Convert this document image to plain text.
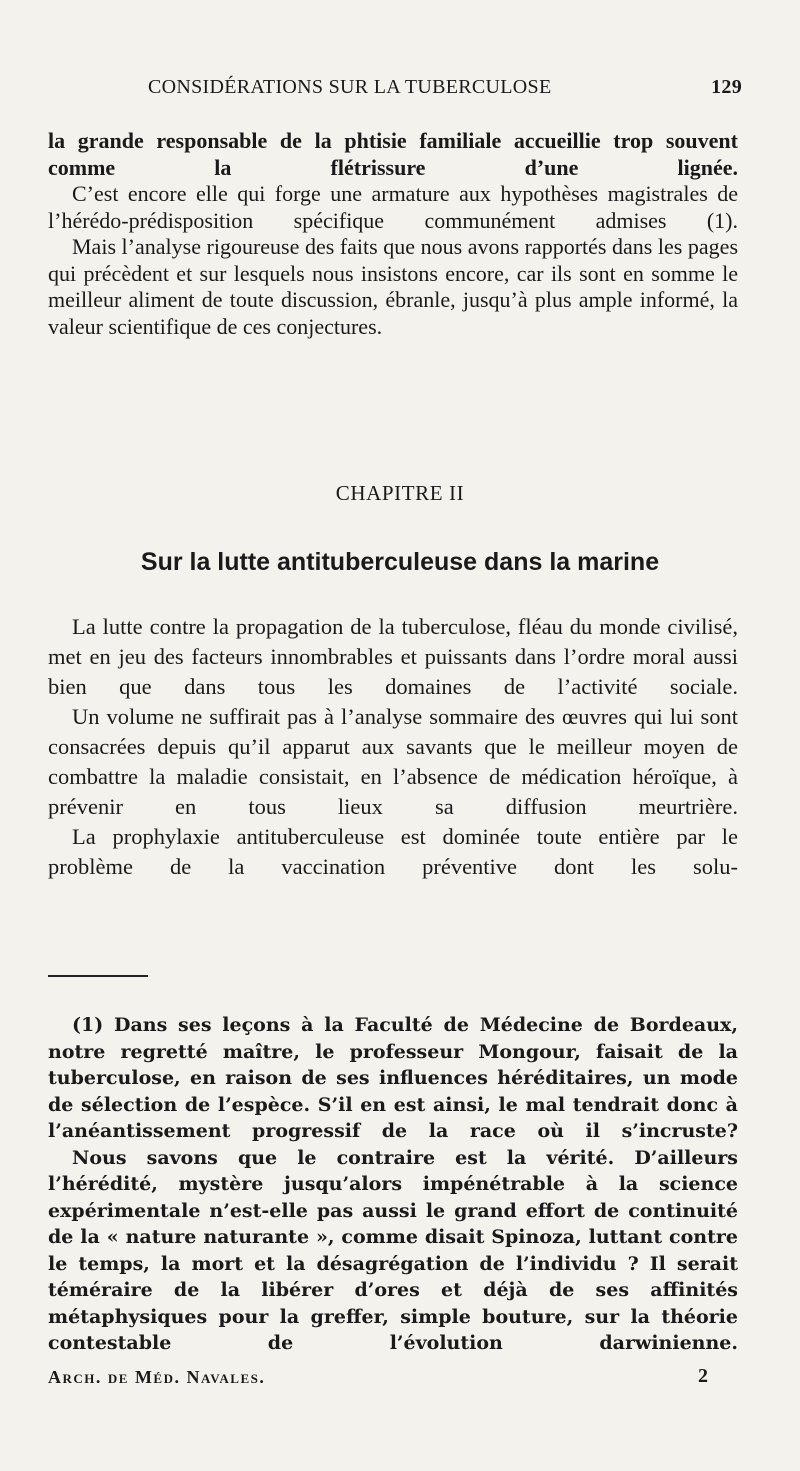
CONSIDÉRATIONS SUR LA TUBERCULOSE	129

la grande responsable de la phtisie familiale accueillie trop souvent comme la flétrissure d’une lignée.

C’est encore elle qui forge une armature aux hypothèses magistrales de l’hérédo-prédisposition spécifique communément admises (1).

Mais l’analyse rigoureuse des faits que nous avons rapportés dans les pages qui précèdent et sur lesquels nous insistons encore, car ils sont en somme le meilleur aliment de toute discussion, ébranle, jusqu’à plus ample informé, la valeur scientifique de ces conjectures.

CHAPITRE II
Sur la lutte antituberculeuse dans la marine

La lutte contre la propagation de la tuberculose, fléau du monde civilisé, met en jeu des facteurs innombrables et puissants dans l’ordre moral aussi bien que dans tous les domaines de l’activité sociale.

Un volume ne suffirait pas à l’analyse sommaire des œuvres qui lui sont consacrées depuis qu’il apparut aux savants que le meilleur moyen de combattre la maladie consistait, en l’absence de médication héroïque, à prévenir en tous lieux sa diffusion meurtrière.

La prophylaxie antituberculeuse est dominée toute entière par le problème de la vaccination préventive dont les solu-

(1) Dans ses leçons à la Faculté de Médecine de Bordeaux, notre regretté maître, le professeur Mongour, faisait de la tuberculose, en raison de ses influences héréditaires, un mode de sélection de l’espèce. S’il en est ainsi, le mal tendrait donc à l’anéantissement progressif de la race où il s’incruste?

Nous savons que le contraire est la vérité. D’ailleurs l’hérédité, mystère jusqu’alors impénétrable à la science expérimentale n’est-elle pas aussi le grand effort de continuité de la « nature naturante », comme disait Spinoza, luttant contre le temps, la mort et la désagrégation de l’individu ? Il serait téméraire de la libérer d’ores et déjà de ses affinités métaphysiques pour la greffer, simple bouture, sur la théorie contestable de l’évolution darwinienne.

Arch. de Méd. Navales.	2
